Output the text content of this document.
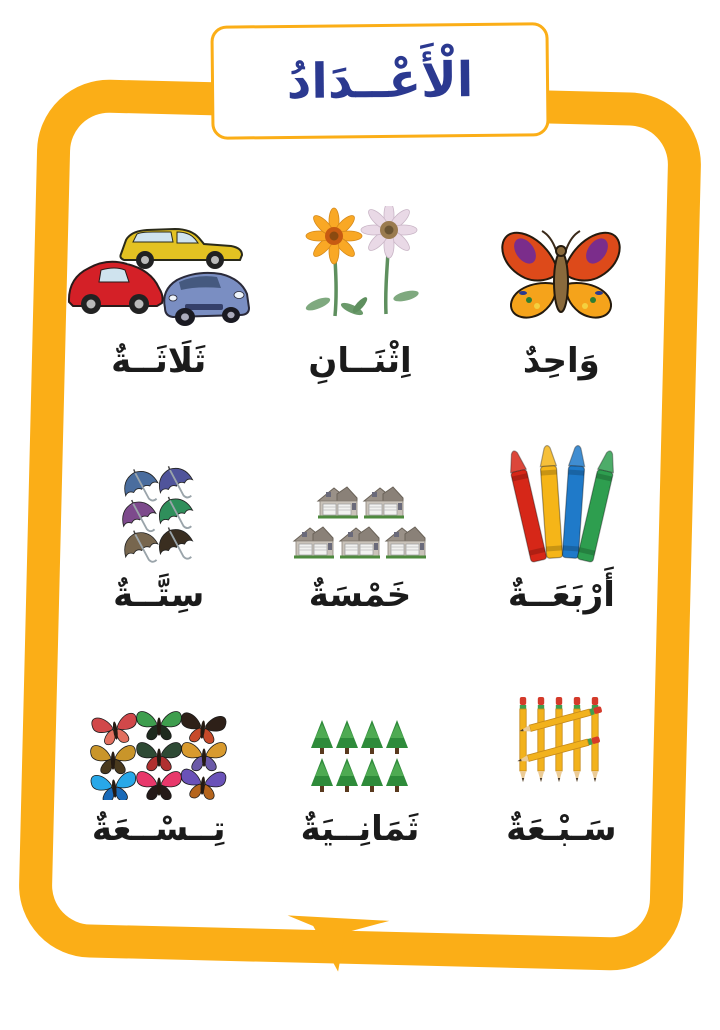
الْأَعْــدَادُ
وَاحِدٌ
اِثْنَــانِ
ثَلَاثَــةٌ
أَرْبَعَــةٌ
خَمْسَةٌ
سِتَّــةٌ
سَـبْـعَةٌ
ثَمَانِــيَةٌ
تِــسْــعَةٌ
